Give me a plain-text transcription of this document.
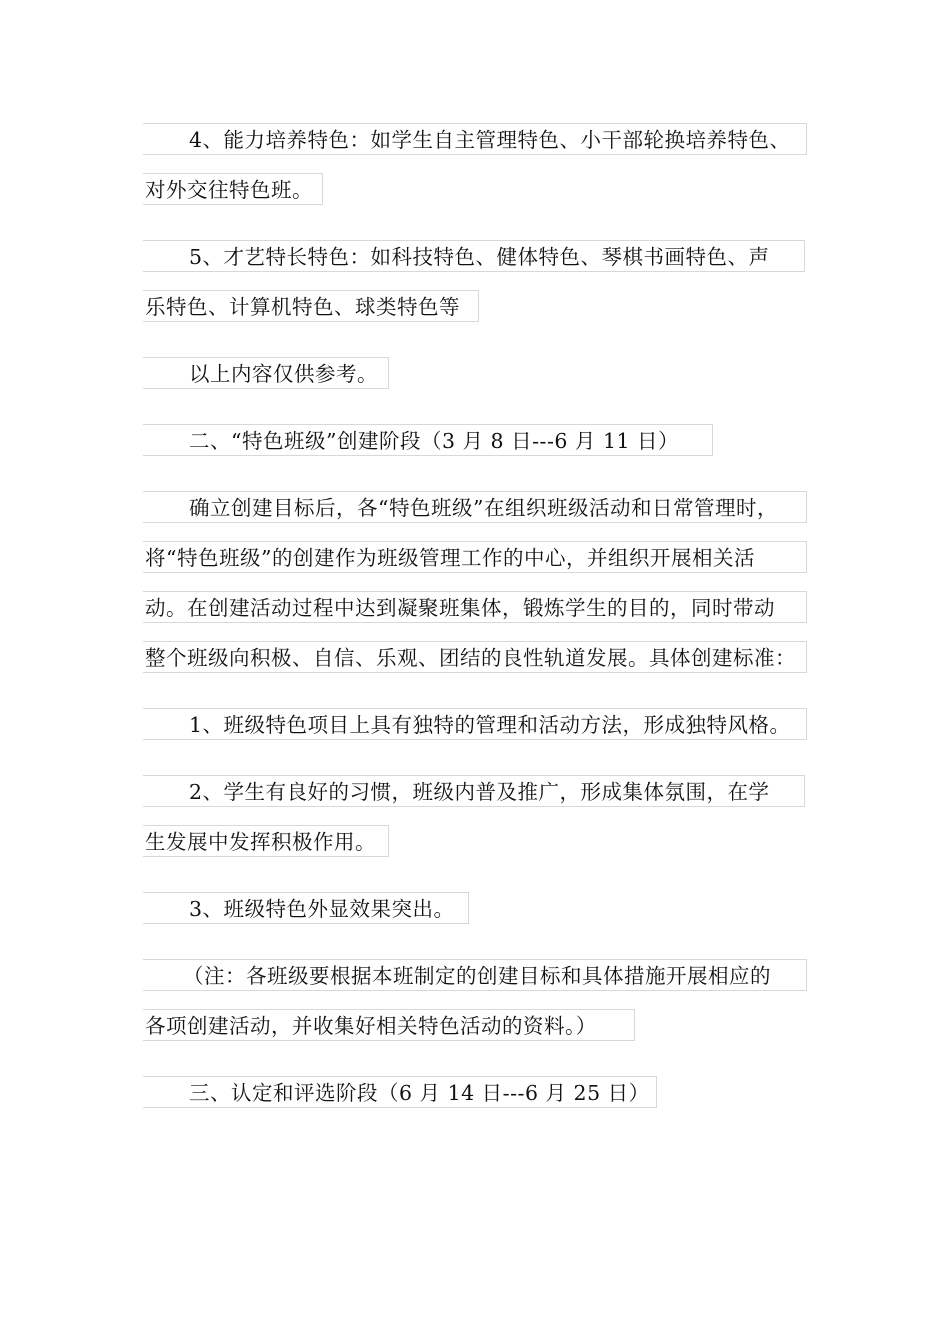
4、能力培养特色：如学生自主管理特色、小干部轮换培养特色、
对外交往特色班。
5、才艺特长特色：如科技特色、健体特色、琴棋书画特色、声
乐特色、计算机特色、球类特色等
以上内容仅供参考。
二、“特色班级”创建阶段（3 月 8 日---6 月 11 日）
确立创建目标后，各“特色班级”在组织班级活动和日常管理时，
将“特色班级”的创建作为班级管理工作的中心，并组织开展相关活
动。在创建活动过程中达到凝聚班集体，锻炼学生的目的，同时带动
整个班级向积极、自信、乐观、团结的良性轨道发展。具体创建标准：
1、班级特色项目上具有独特的管理和活动方法，形成独特风格。
2、学生有良好的习惯，班级内普及推广，形成集体氛围，在学
生发展中发挥积极作用。
3、班级特色外显效果突出。
（注：各班级要根据本班制定的创建目标和具体措施开展相应的
各项创建活动，并收集好相关特色活动的资料。）
三、认定和评选阶段（6 月 14 日---6 月 25 日）
